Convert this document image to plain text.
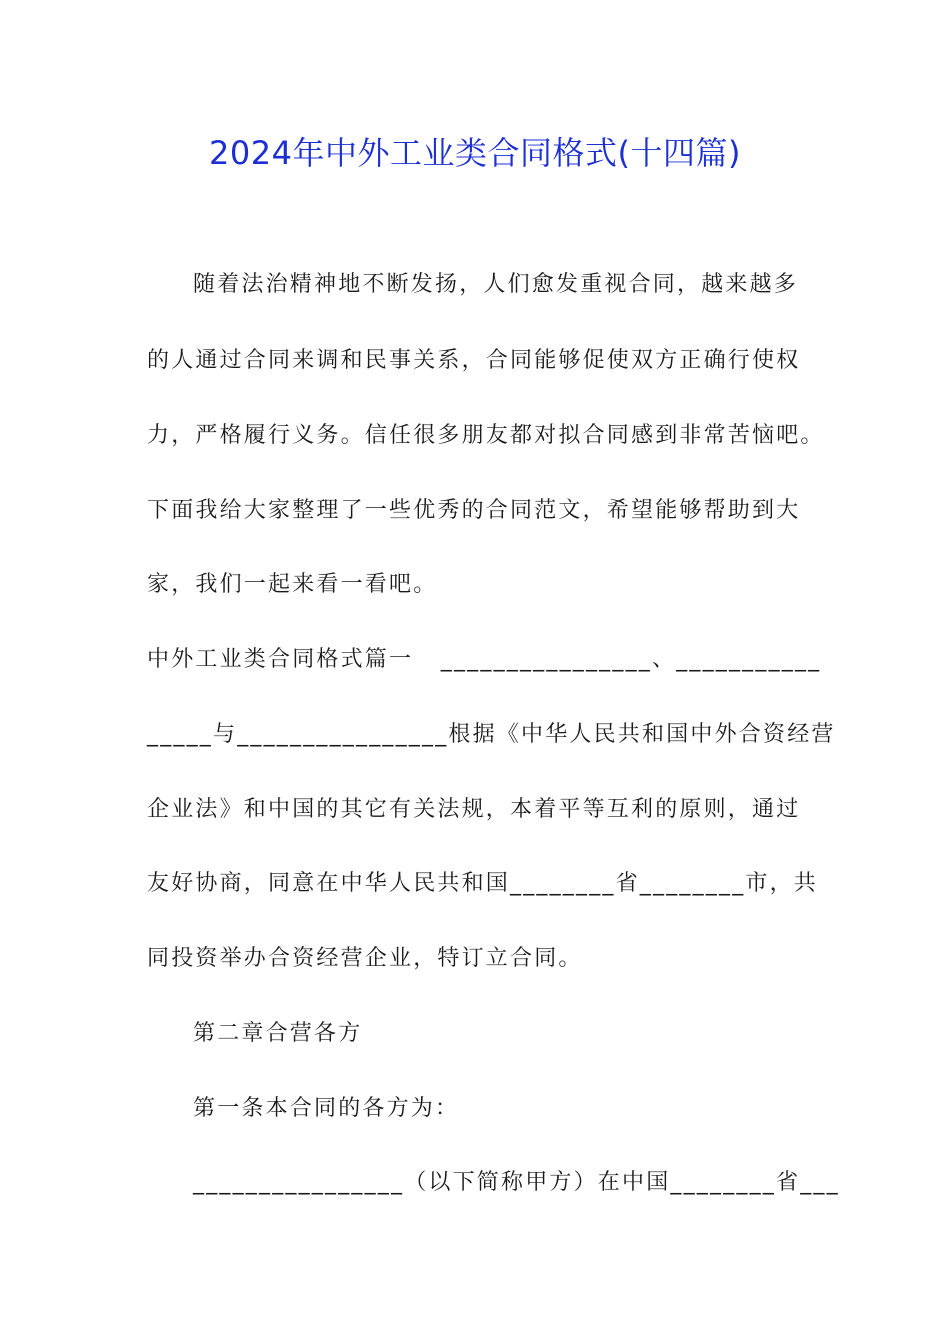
2024年中外工业类合同格式(十四篇)
随着法治精神地不断发扬，人们愈发重视合同，越来越多
的人通过合同来调和民事关系，合同能够促使双方正确行使权
力，严格履行义务。信任很多朋友都对拟合同感到非常苦恼吧。
下面我给大家整理了一些优秀的合同范文，希望能够帮助到大
家，我们一起来看一看吧。
中外工业类合同格式篇一   ________________、___________
_____与________________根据《中华人民共和国中外合资经营
企业法》和中国的其它有关法规，本着平等互利的原则，通过
友好协商，同意在中华人民共和国________省________市，共
同投资举办合资经营企业，特订立合同。
第二章合营各方
第一条本合同的各方为：
________________（以下简称甲方）在中国________省___
